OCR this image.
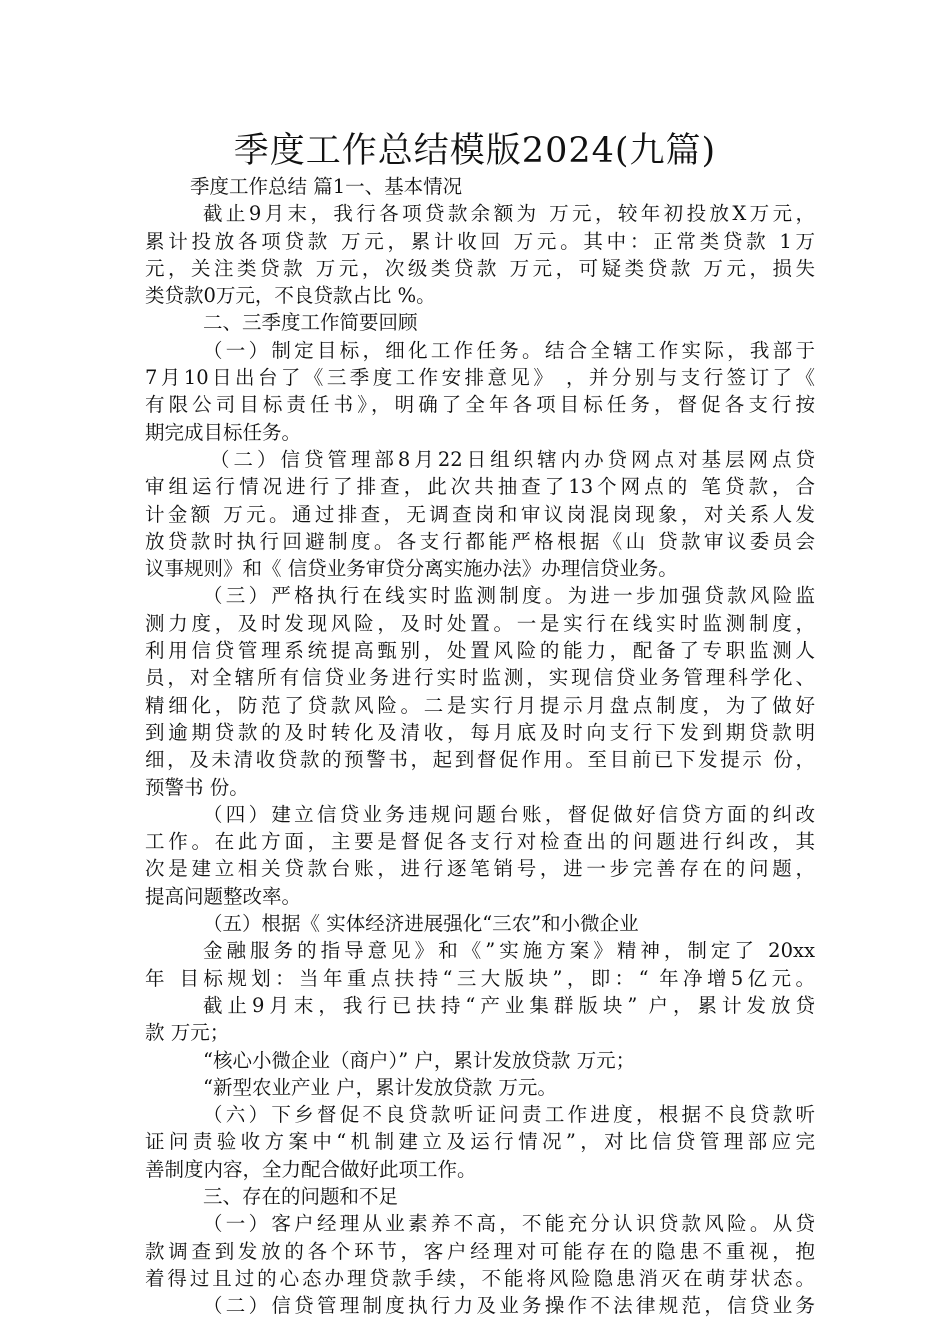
季度工作总结模版2024(九篇)
季度工作总结 篇1一、基本情况
截止9月末，我行各项贷款余额为 万元，较年初投放X万元，
累计投放各项贷款 万元，累计收回 万元。其中：正常类贷款 1万
元，关注类贷款 万元，次级类贷款 万元，可疑类贷款 万元，损失
类贷款0万元，不良贷款占比 %。
二、三季度工作简要回顾
（一）制定目标，细化工作任务。结合全辖工作实际，我部于
7月10日出台了《三季度工作安排意见》 ，并分别与支行签订了《
有限公司目标责任书》，明确了全年各项目标任务，督促各支行按
期完成目标任务。
（二）信贷管理部8月22日组织辖内办贷网点对基层网点贷
审组运行情况进行了排查，此次共抽查了13个网点的 笔贷款，合
计金额 万元。通过排查，无调查岗和审议岗混岗现象，对关系人发
放贷款时执行回避制度。各支行都能严格根据《山 贷款审议委员会
议事规则》和《 信贷业务审贷分离实施办法》办理信贷业务。
（三）严格执行在线实时监测制度。为进一步加强贷款风险监
测力度，及时发现风险，及时处置。一是实行在线实时监测制度，
利用信贷管理系统提高甄别，处置风险的能力，配备了专职监测人
员，对全辖所有信贷业务进行实时监测，实现信贷业务管理科学化、
精细化，防范了贷款风险。二是实行月提示月盘点制度，为了做好
到逾期贷款的及时转化及清收，每月底及时向支行下发到期贷款明
细，及未清收贷款的预警书，起到督促作用。至目前已下发提示 份，
预警书 份。
（四）建立信贷业务违规问题台账，督促做好信贷方面的纠改
工作。在此方面，主要是督促各支行对检查出的问题进行纠改，其
次是建立相关贷款台账，进行逐笔销号，进一步完善存在的问题，
提高问题整改率。
（五）根据《 实体经济进展强化“三农”和小微企业
金融服务的指导意见》和《”实施方案》精神，制定了 20xx
年 目标规划：当年重点扶持“三大版块”，即：“ 年净增5亿元。
截止9月末，我行已扶持“产业集群版块” 户，累计发放贷
款 万元；
“核心小微企业（商户）” 户，累计发放贷款 万元；
“新型农业产业 户，累计发放贷款 万元。
（六）下乡督促不良贷款听证问责工作进度，根据不良贷款听
证问责验收方案中“机制建立及运行情况”，对比信贷管理部应完
善制度内容，全力配合做好此项工作。
三、存在的问题和不足
（一）客户经理从业素养不高，不能充分认识贷款风险。从贷
款调查到发放的各个环节，客户经理对可能存在的隐患不重视，抱
着得过且过的心态办理贷款手续，不能将风险隐患消灭在萌芽状态。
（二）信贷管理制度执行力及业务操作不法律规范，信贷业务
